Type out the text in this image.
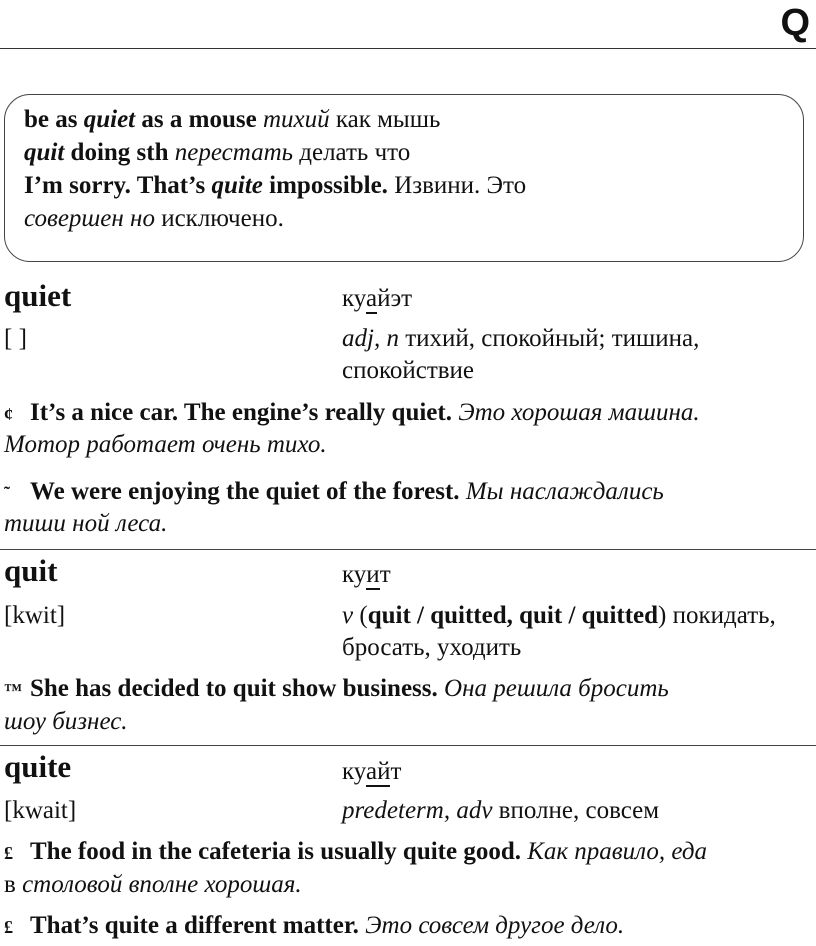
Q
be as quiet as a mouse тихий как мышь
quit doing sth перестать делать что
I’m sorry. That’s quite impossible. Извини. Это
совершен но исключено.
quiet	куайэт
[ ]	adj, n тихий, спокойный; тишина,
спокойствие
¢ It’s a nice car. The engine’s really quiet. Это хорошая машина.
Мотор работает очень тихо.
˜ We were enjoying the quiet of the forest. Мы наслаждались
тиши ной леса.
quit	куит
[kwit]	v (quit / quitted, quit / quitted) покидать,
бросать, уходить
™ She has decided to quit show business. Она решила бросить
шоу бизнес.
quite	куайт
[kwait]	predeterm, adv вполне, совсем
£ The food in the cafeteria is usually quite good. Как правило, еда
в столовой вполне хорошая.
£ That’s quite a different matter. Это совсем другое дело.
